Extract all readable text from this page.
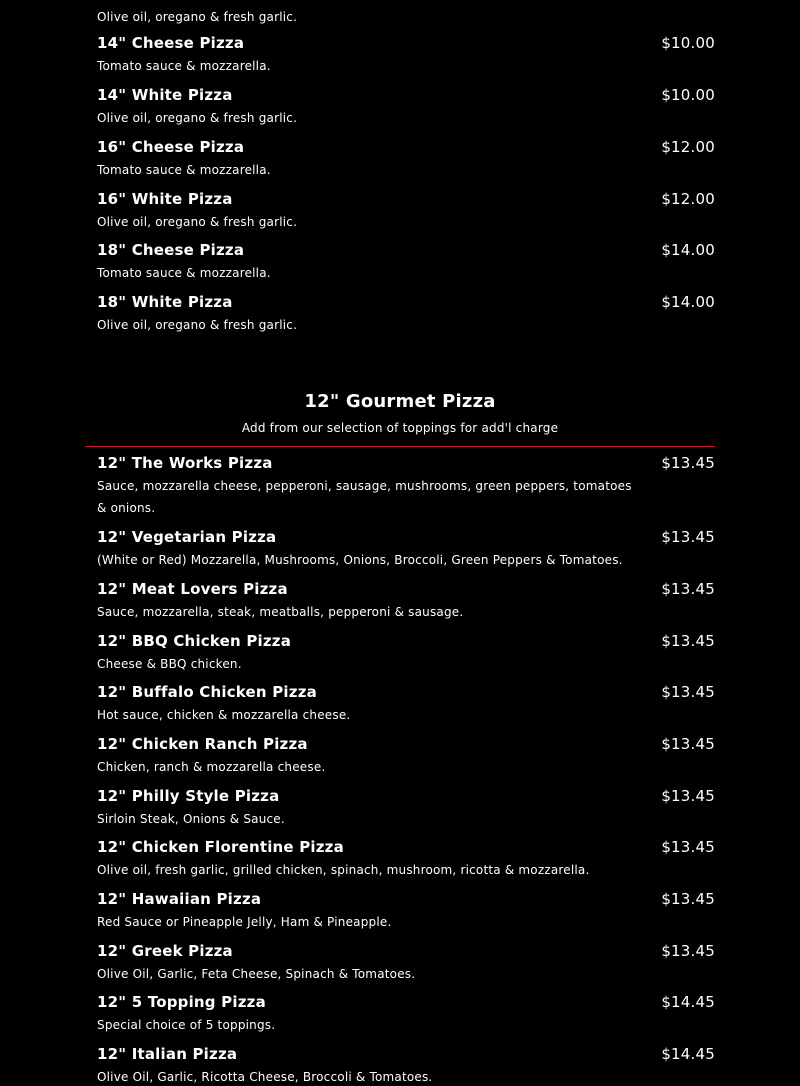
Olive oil, oregano & fresh garlic.
14" Cheese Pizza	$10.00
Tomato sauce & mozzarella.
14" White Pizza	$10.00
Olive oil, oregano & fresh garlic.
16" Cheese Pizza	$12.00
Tomato sauce & mozzarella.
16" White Pizza	$12.00
Olive oil, oregano & fresh garlic.
18" Cheese Pizza	$14.00
Tomato sauce & mozzarella.
18" White Pizza	$14.00
Olive oil, oregano & fresh garlic.
12" Gourmet Pizza
Add from our selection of toppings for add'l charge
12" The Works Pizza	$13.45
Sauce, mozzarella cheese, pepperoni, sausage, mushrooms, green peppers, tomatoes & onions.
12" Vegetarian Pizza	$13.45
(White or Red) Mozzarella, Mushrooms, Onions, Broccoli, Green Peppers & Tomatoes.
12" Meat Lovers Pizza	$13.45
Sauce, mozzarella, steak, meatballs, pepperoni & sausage.
12" BBQ Chicken Pizza	$13.45
Cheese & BBQ chicken.
12" Buffalo Chicken Pizza	$13.45
Hot sauce, chicken & mozzarella cheese.
12" Chicken Ranch Pizza	$13.45
Chicken, ranch & mozzarella cheese.
12" Philly Style Pizza	$13.45
Sirloin Steak, Onions & Sauce.
12" Chicken Florentine Pizza	$13.45
Olive oil, fresh garlic, grilled chicken, spinach, mushroom, ricotta & mozzarella.
12" Hawaiian Pizza	$13.45
Red Sauce or Pineapple Jelly, Ham & Pineapple.
12" Greek Pizza	$13.45
Olive Oil, Garlic, Feta Cheese, Spinach & Tomatoes.
12" 5 Topping Pizza	$14.45
Special choice of 5 toppings.
12" Italian Pizza	$14.45
Olive Oil, Garlic, Ricotta Cheese, Broccoli & Tomatoes.
